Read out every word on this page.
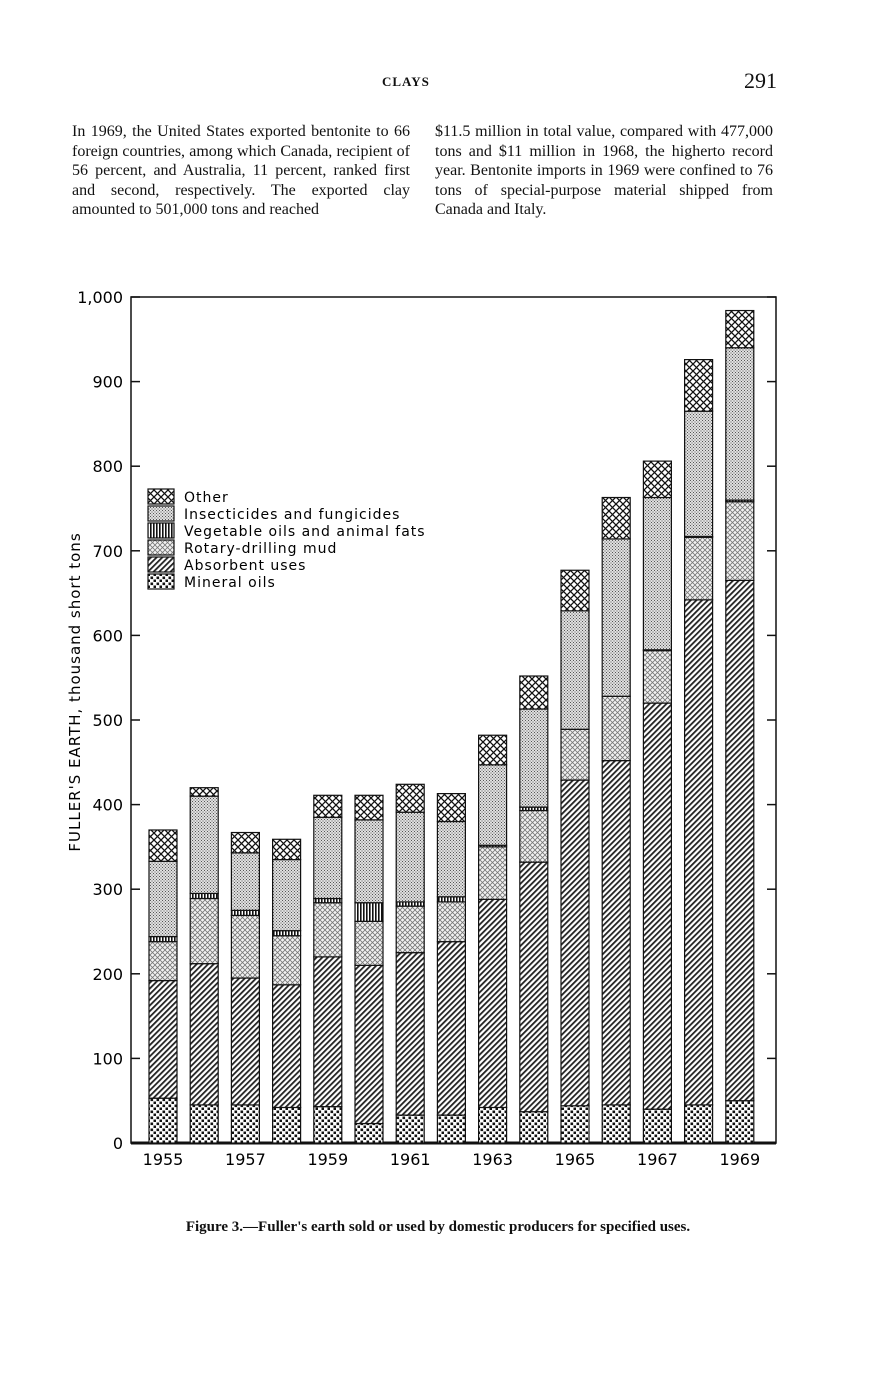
CLAYS	291
In 1969, the United States exported bentonite to 66 foreign countries, among which Canada, recipient of 56 percent, and Australia, 11 percent, ranked first and second, respectively. The exported clay amounted to 501,000 tons and reached
$11.5 million in total value, compared with 477,000 tons and $11 million in 1968, the higherto record year. Bentonite imports in 1969 were confined to 76 tons of special-purpose material shipped from Canada and Italy.
0
100
200
300
400
500
600
700
800
900
1,000
1955	1957	1959	1961	1963	1965	1967	1969
Other
Insecticides and fungicides
Vegetable oils and animal fats
Rotary-drilling mud
Absorbent uses
Mineral oils
FULLER'S EARTH, thousand short tons
Figure 3.—Fuller's earth sold or used by domestic producers for specified uses.
